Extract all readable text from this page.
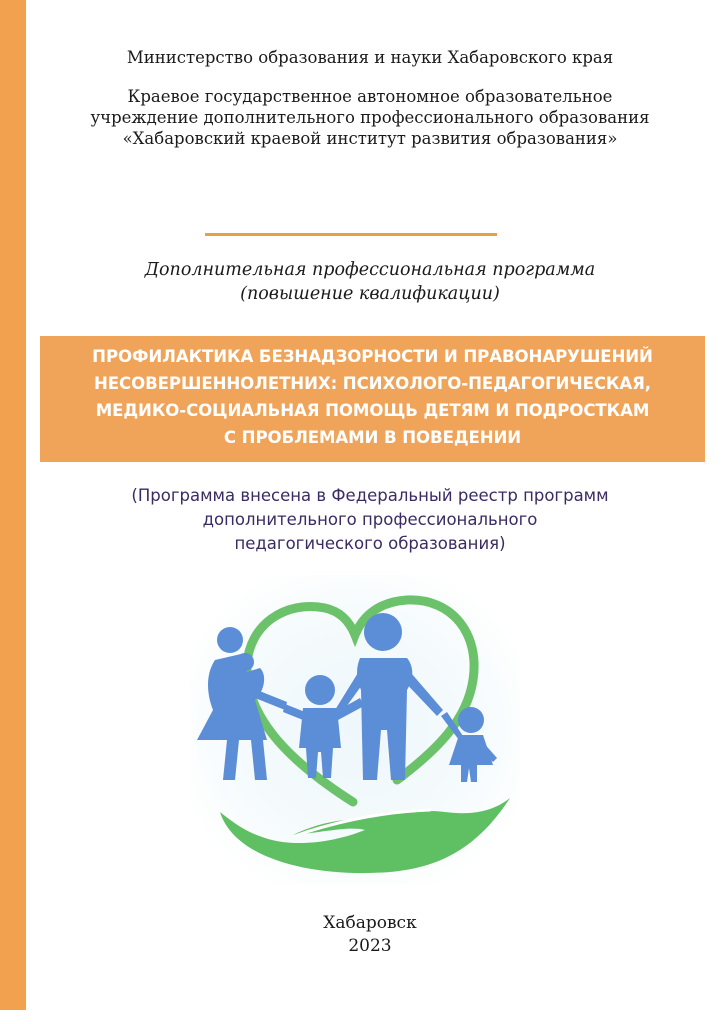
Министерство образования и науки Хабаровского края
Краевое государственное автономное образовательное
учреждение дополнительного профессионального образования
«Хабаровский краевой институт развития образования»
Дополнительная профессиональная программа
(повышение квалификации)
ПРОФИЛАКТИКА БЕЗНАДЗОРНОСТИ И ПРАВОНАРУШЕНИЙ
НЕСОВЕРШЕННОЛЕТНИХ: ПСИХОЛОГО-ПЕДАГОГИЧЕСКАЯ,
МЕДИКО-СОЦИАЛЬНАЯ ПОМОЩЬ ДЕТЯМ И ПОДРОСТКАМ
С ПРОБЛЕМАМИ В ПОВЕДЕНИИ
(Программа внесена в Федеральный реестр программ
дополнительного профессионального
педагогического образования)
Хабаровск
2023
